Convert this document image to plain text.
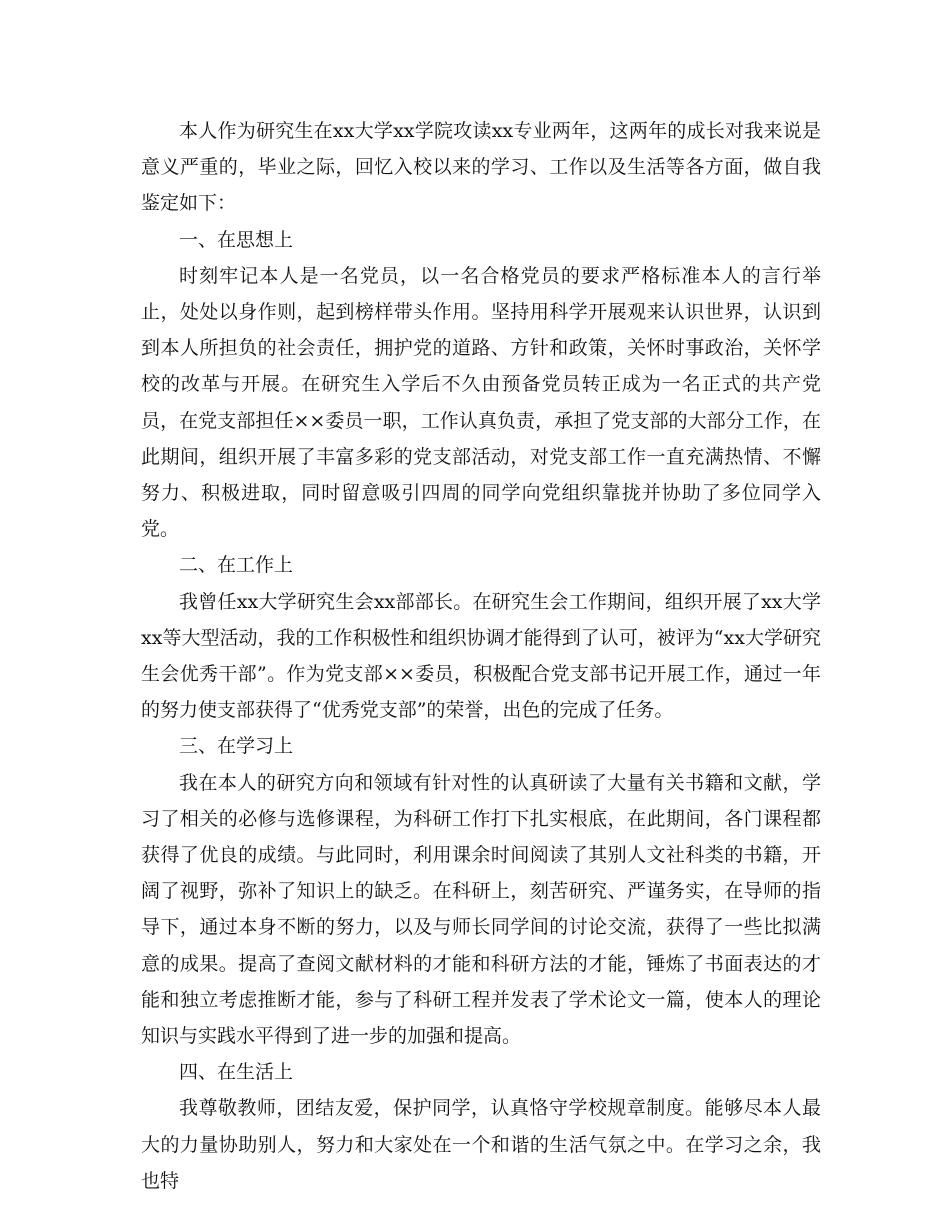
本人作为研究生在xx大学xx学院攻读xx专业两年，这两年的成长对我来说是意义严重的，毕业之际，回忆入校以来的学习、工作以及生活等各方面，做自我鉴定如下：

一、在思想上

时刻牢记本人是一名党员，以一名合格党员的要求严格标准本人的言行举止，处处以身作则，起到榜样带头作用。坚持用科学开展观来认识世界，认识到到本人所担负的社会责任，拥护党的道路、方针和政策，关怀时事政治，关怀学校的改革与开展。在研究生入学后不久由预备党员转正成为一名正式的共产党员，在党支部担任××委员一职，工作认真负责，承担了党支部的大部分工作，在此期间，组织开展了丰富多彩的党支部活动，对党支部工作一直充满热情、不懈努力、积极进取，同时留意吸引四周的同学向党组织靠拢并协助了多位同学入党。

二、在工作上

我曾任xx大学研究生会xx部部长。在研究生会工作期间，组织开展了xx大学xx等大型活动，我的工作积极性和组织协调才能得到了认可，被评为“xx大学研究生会优秀干部”。作为党支部××委员，积极配合党支部书记开展工作，通过一年的努力使支部获得了“优秀党支部”的荣誉，出色的完成了任务。

三、在学习上

我在本人的研究方向和领域有针对性的认真研读了大量有关书籍和文献，学习了相关的必修与选修课程，为科研工作打下扎实根底，在此期间，各门课程都获得了优良的成绩。与此同时，利用课余时间阅读了其别人文社科类的书籍，开阔了视野，弥补了知识上的缺乏。在科研上，刻苦研究、严谨务实，在导师的指导下，通过本身不断的努力，以及与师长同学间的讨论交流，获得了一些比拟满意的成果。提高了查阅文献材料的才能和科研方法的才能，锤炼了书面表达的才能和独立考虑推断才能，参与了科研工程并发表了学术论文一篇，使本人的理论知识与实践水平得到了进一步的加强和提高。

四、在生活上

我尊敬教师，团结友爱，保护同学，认真恪守学校规章制度。能够尽本人最大的力量协助别人，努力和大家处在一个和谐的生活气氛之中。在学习之余，我也特
